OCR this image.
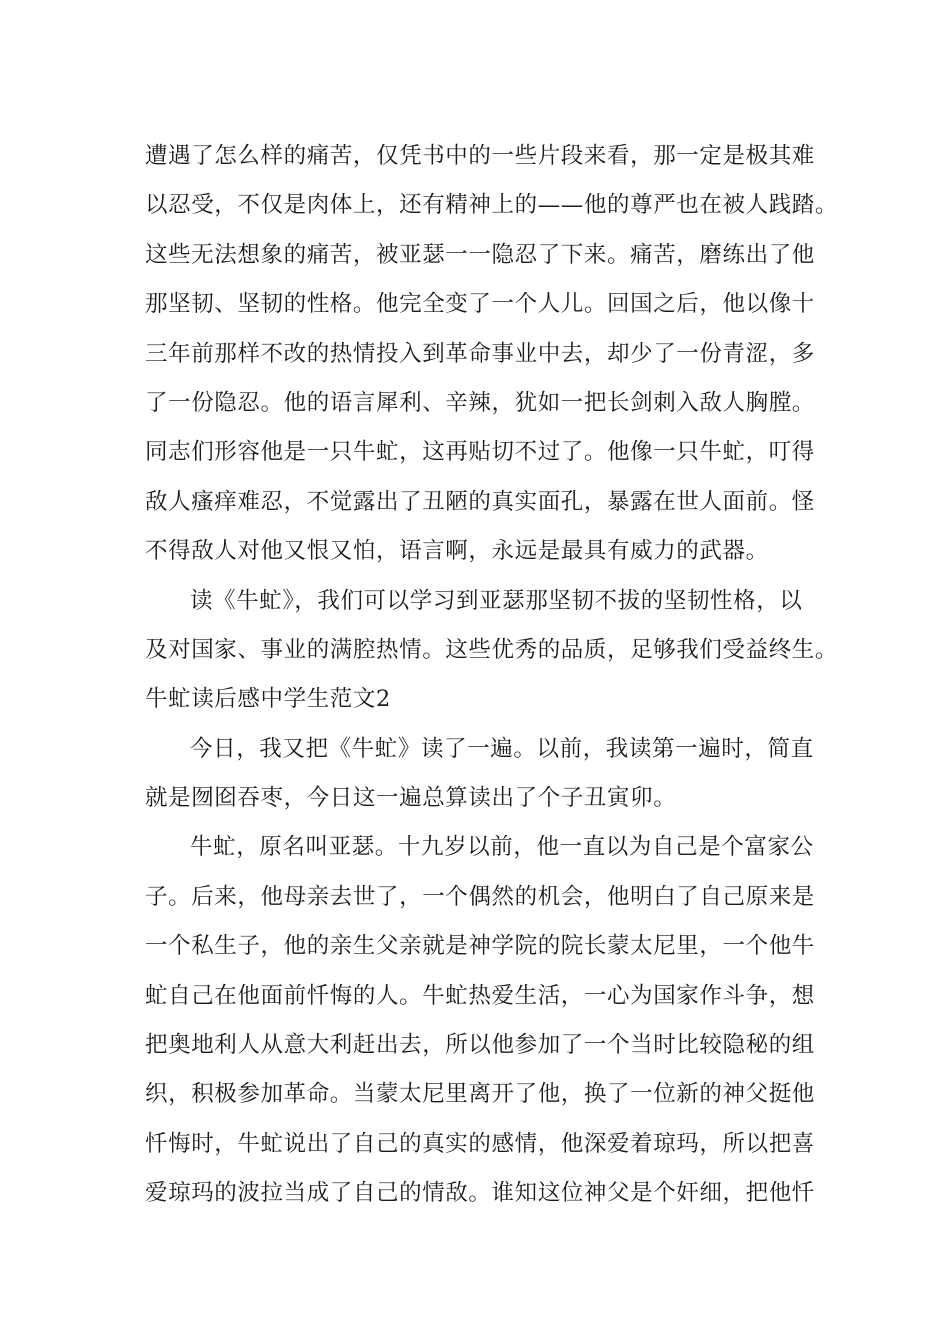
遭遇了怎么样的痛苦，仅凭书中的一些片段来看，那一定是极其难
以忍受，不仅是肉体上，还有精神上的——他的尊严也在被人践踏。
这些无法想象的痛苦，被亚瑟一一隐忍了下来。痛苦，磨练出了他
那坚韧、坚韧的性格。他完全变了一个人儿。回国之后，他以像十
三年前那样不改的热情投入到革命事业中去，却少了一份青涩，多
了一份隐忍。他的语言犀利、辛辣，犹如一把长剑刺入敌人胸膛。
同志们形容他是一只牛虻，这再贴切不过了。他像一只牛虻，叮得
敌人瘙痒难忍，不觉露出了丑陋的真实面孔，暴露在世人面前。怪
不得敌人对他又恨又怕，语言啊，永远是最具有威力的武器。
读《牛虻》，我们可以学习到亚瑟那坚韧不拔的坚韧性格，以
及对国家、事业的满腔热情。这些优秀的品质，足够我们受益终生。
牛虻读后感中学生范文2
今日，我又把《牛虻》读了一遍。以前，我读第一遍时，简直
就是囫囵吞枣，今日这一遍总算读出了个子丑寅卯。
牛虻，原名叫亚瑟。十九岁以前，他一直以为自己是个富家公
子。后来，他母亲去世了，一个偶然的机会，他明白了自己原来是
一个私生子，他的亲生父亲就是神学院的院长蒙太尼里，一个他牛
虻自己在他面前忏悔的人。牛虻热爱生活，一心为国家作斗争，想
把奥地利人从意大利赶出去，所以他参加了一个当时比较隐秘的组
织，积极参加革命。当蒙太尼里离开了他，换了一位新的神父挺他
忏悔时，牛虻说出了自己的真实的感情，他深爱着琼玛，所以把喜
爱琼玛的波拉当成了自己的情敌。谁知这位神父是个奸细，把他忏
